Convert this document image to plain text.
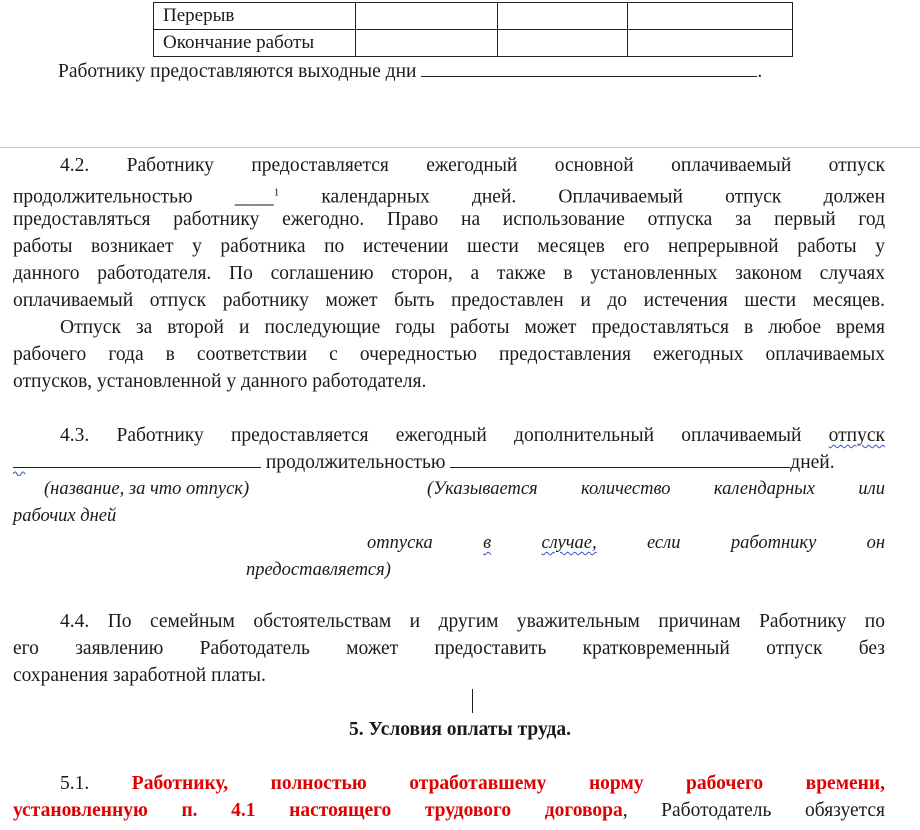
Перерыв			
Окончание работы			
Работнику предоставляются выходные дни	.
4.2. Работнику предоставляется ежегодный основной оплачиваемый отпуск
продолжительностью ____$^1$ календарных дней. Оплачиваемый отпуск должен
предоставляться работнику ежегодно. Право на использование отпуска за первый год
работы возникает у работника по истечении шести месяцев его непрерывной работы у
данного работодателя. По соглашению сторон, а также в установленных законом случаях
оплачиваемый отпуск работнику может быть предоставлен и до истечения шести месяцев.
Отпуск за второй и последующие годы работы может предоставляться в любое время
рабочего года в соответствии с очередностью предоставления ежегодных оплачиваемых
отпусков, установленной у данного работодателя.
4.3. Работнику предоставляется ежегодный дополнительный оплачиваемый отпуск
продолжительностью	дней.
(название, за что отпуск)	(Указывается количество календарных или
рабочих дней
отпуска	в	случае,	если	работнику	он
предоставляется)
4.4. По семейным обстоятельствам и другим уважительным причинам Работнику по
его заявлению Работодатель может предоставить кратковременный отпуск без
сохранения заработной платы.
5. Условия оплаты труда.
5.1. Работнику, полностью отработавшему норму рабочего времени,
установленную п. 4.1 настоящего трудового договора, Работодатель обязуется
